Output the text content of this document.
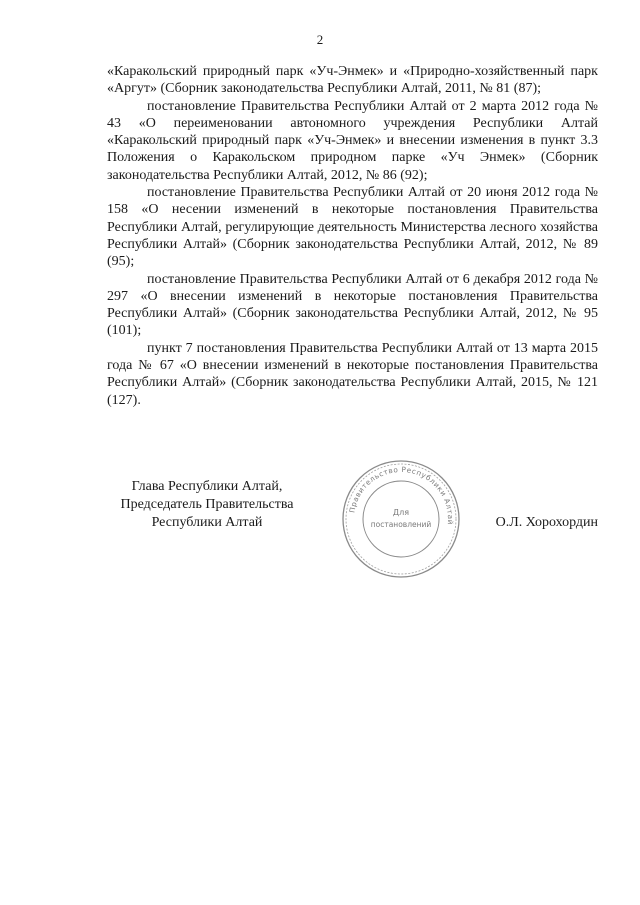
2

«Каракольский природный парк «Уч-Энмек» и «Природно-хозяйственный парк «Аргут» (Сборник законодательства Республики Алтай, 2011, № 81 (87);

постановление Правительства Республики Алтай от 2 марта 2012 года № 43 «О переименовании автономного учреждения Республики Алтай «Каракольский природный парк «Уч-Энмек» и внесении изменения в пункт 3.3 Положения о Каракольском природном парке «Уч Энмек» (Сборник законодательства Республики Алтай, 2012, № 86 (92);

постановление Правительства Республики Алтай от 20 июня 2012 года № 158 «О несении изменений в некоторые постановления Правительства Республики Алтай, регулирующие деятельность Министерства лесного хозяйства Республики Алтай» (Сборник законодательства Республики Алтай, 2012, № 89 (95);

постановление Правительства Республики Алтай от 6 декабря 2012 года № 297 «О внесении изменений в некоторые постановления Правительства Республики Алтай» (Сборник законодательства Республики Алтай, 2012, № 95 (101);

пункт 7 постановления Правительства Республики Алтай от 13 марта 2015 года № 67 «О внесении изменений в некоторые постановления Правительства Республики Алтай» (Сборник законодательства Республики Алтай, 2015, № 121 (127).

Глава Республики Алтай,
Председатель Правительства
Республики Алтай
Правительство Республики Алтай
Для
постановлений	О.Л. Хорохордин
